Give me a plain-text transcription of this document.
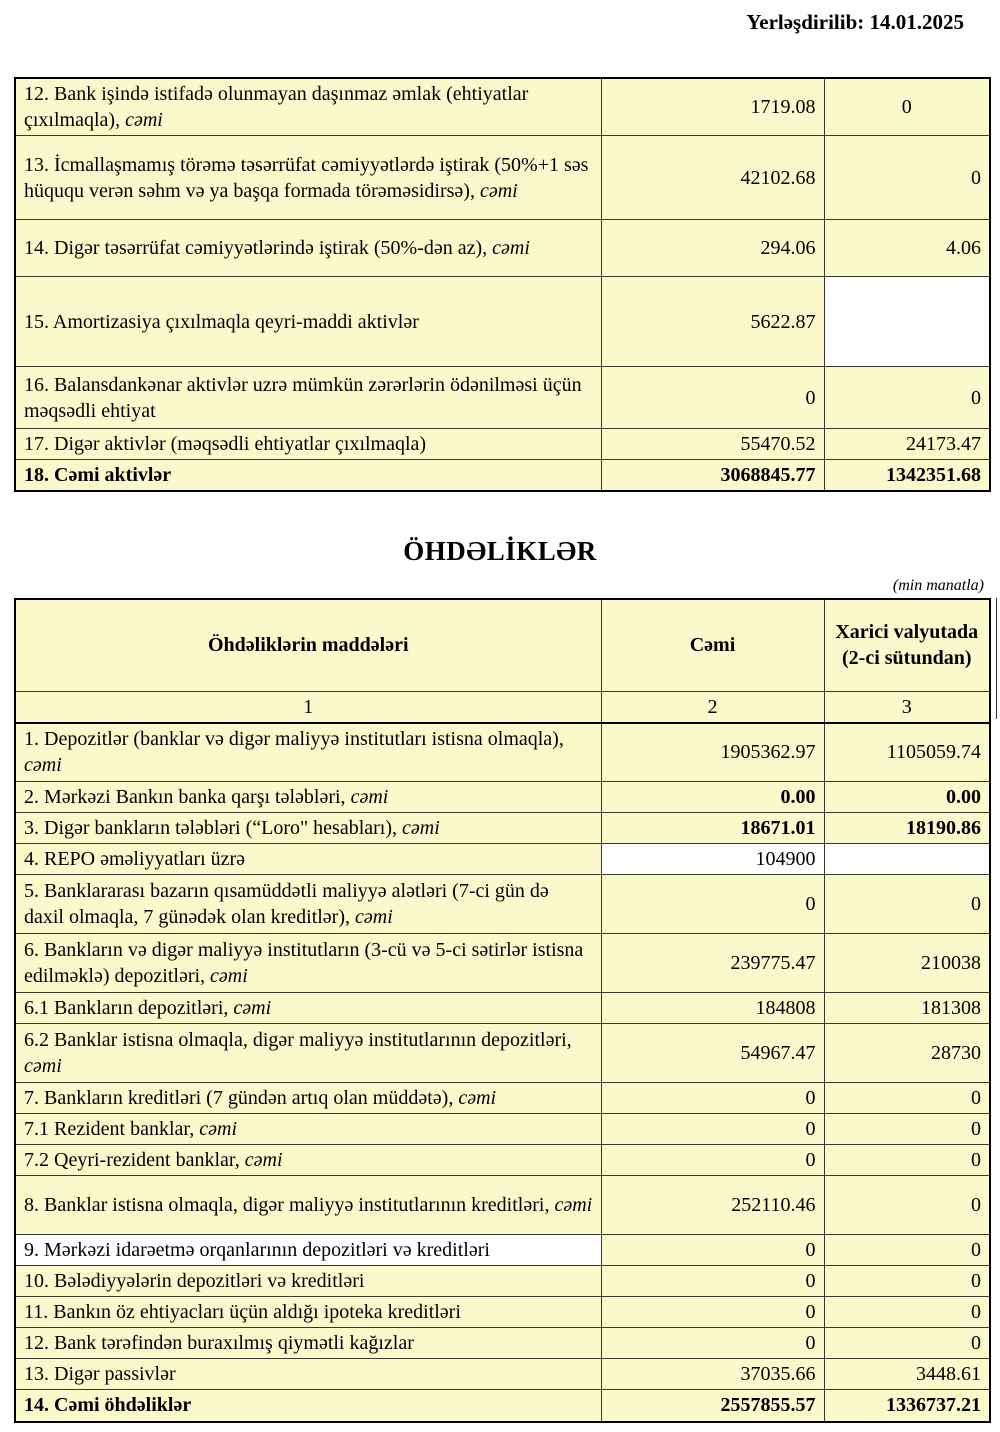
Yerləşdirilib: 14.01.2025
12. Bank işində istifadə olunmayan daşınmaz əmlak (ehtiyatlar çıxılmaqla), cəmi	1719.08	0
13. İcmallaşmamış törəmə təsərrüfat cəmiyyətlərdə iştirak (50%+1 səs hüququ verən səhm və ya başqa formada törəməsidirsə), cəmi	42102.68	0
14. Digər təsərrüfat cəmiyyətlərində iştirak (50%-dən az), cəmi	294.06	4.06
15. Amortizasiya çıxılmaqla qeyri-maddi aktivlər	5622.87	
16. Balansdankənar aktivlər uzrə mümkün zərərlərin ödənilməsi üçün məqsədli ehtiyat	0	0
17. Digər aktivlər (məqsədli ehtiyatlar çıxılmaqla)	55470.52	24173.47
18. Cəmi aktivlər	3068845.77	1342351.68
ÖHDƏLİKLƏR
(min manatla)
Öhdəliklərin maddələri	Cəmi	Xarici valyutada (2-ci sütundan)
1	2	3
1. Depozitlər (banklar və digər maliyyə institutları istisna olmaqla), cəmi	1905362.97	1105059.74
2. Mərkəzi Bankın banka qarşı tələbləri, cəmi	0.00	0.00
3. Digər bankların tələbləri (“Loro" hesabları), cəmi	18671.01	18190.86
4. REPO əməliyyatları üzrə	104900	
5. Banklararası bazarın qısamüddətli maliyyə alətləri (7-ci gün də daxil olmaqla, 7 günədək olan kreditlər), cəmi	0	0
6. Bankların və digər maliyyə institutların (3-cü və 5-ci sətirlər istisna edilməklə) depozitləri, cəmi	239775.47	210038
6.1 Bankların depozitləri, cəmi	184808	181308
6.2 Banklar istisna olmaqla, digər maliyyə institutlarının depozitləri, cəmi	54967.47	28730
7. Bankların kreditləri (7 gündən artıq olan müddətə), cəmi	0	0
7.1 Rezident banklar, cəmi	0	0
7.2 Qeyri-rezident banklar, cəmi	0	0
8. Banklar istisna olmaqla, digər maliyyə institutlarının kreditləri, cəmi	252110.46	0
9. Mərkəzi idarəetmə orqanlarının depozitləri və kreditləri	0	0
10. Bələdiyyələrin depozitləri və kreditləri	0	0
11. Bankın öz ehtiyacları üçün aldığı ipoteka kreditləri	0	0
12. Bank tərəfindən buraxılmış qiymətli kağızlar	0	0
13. Digər passivlər	37035.66	3448.61
14. Cəmi öhdəliklər	2557855.57	1336737.21
